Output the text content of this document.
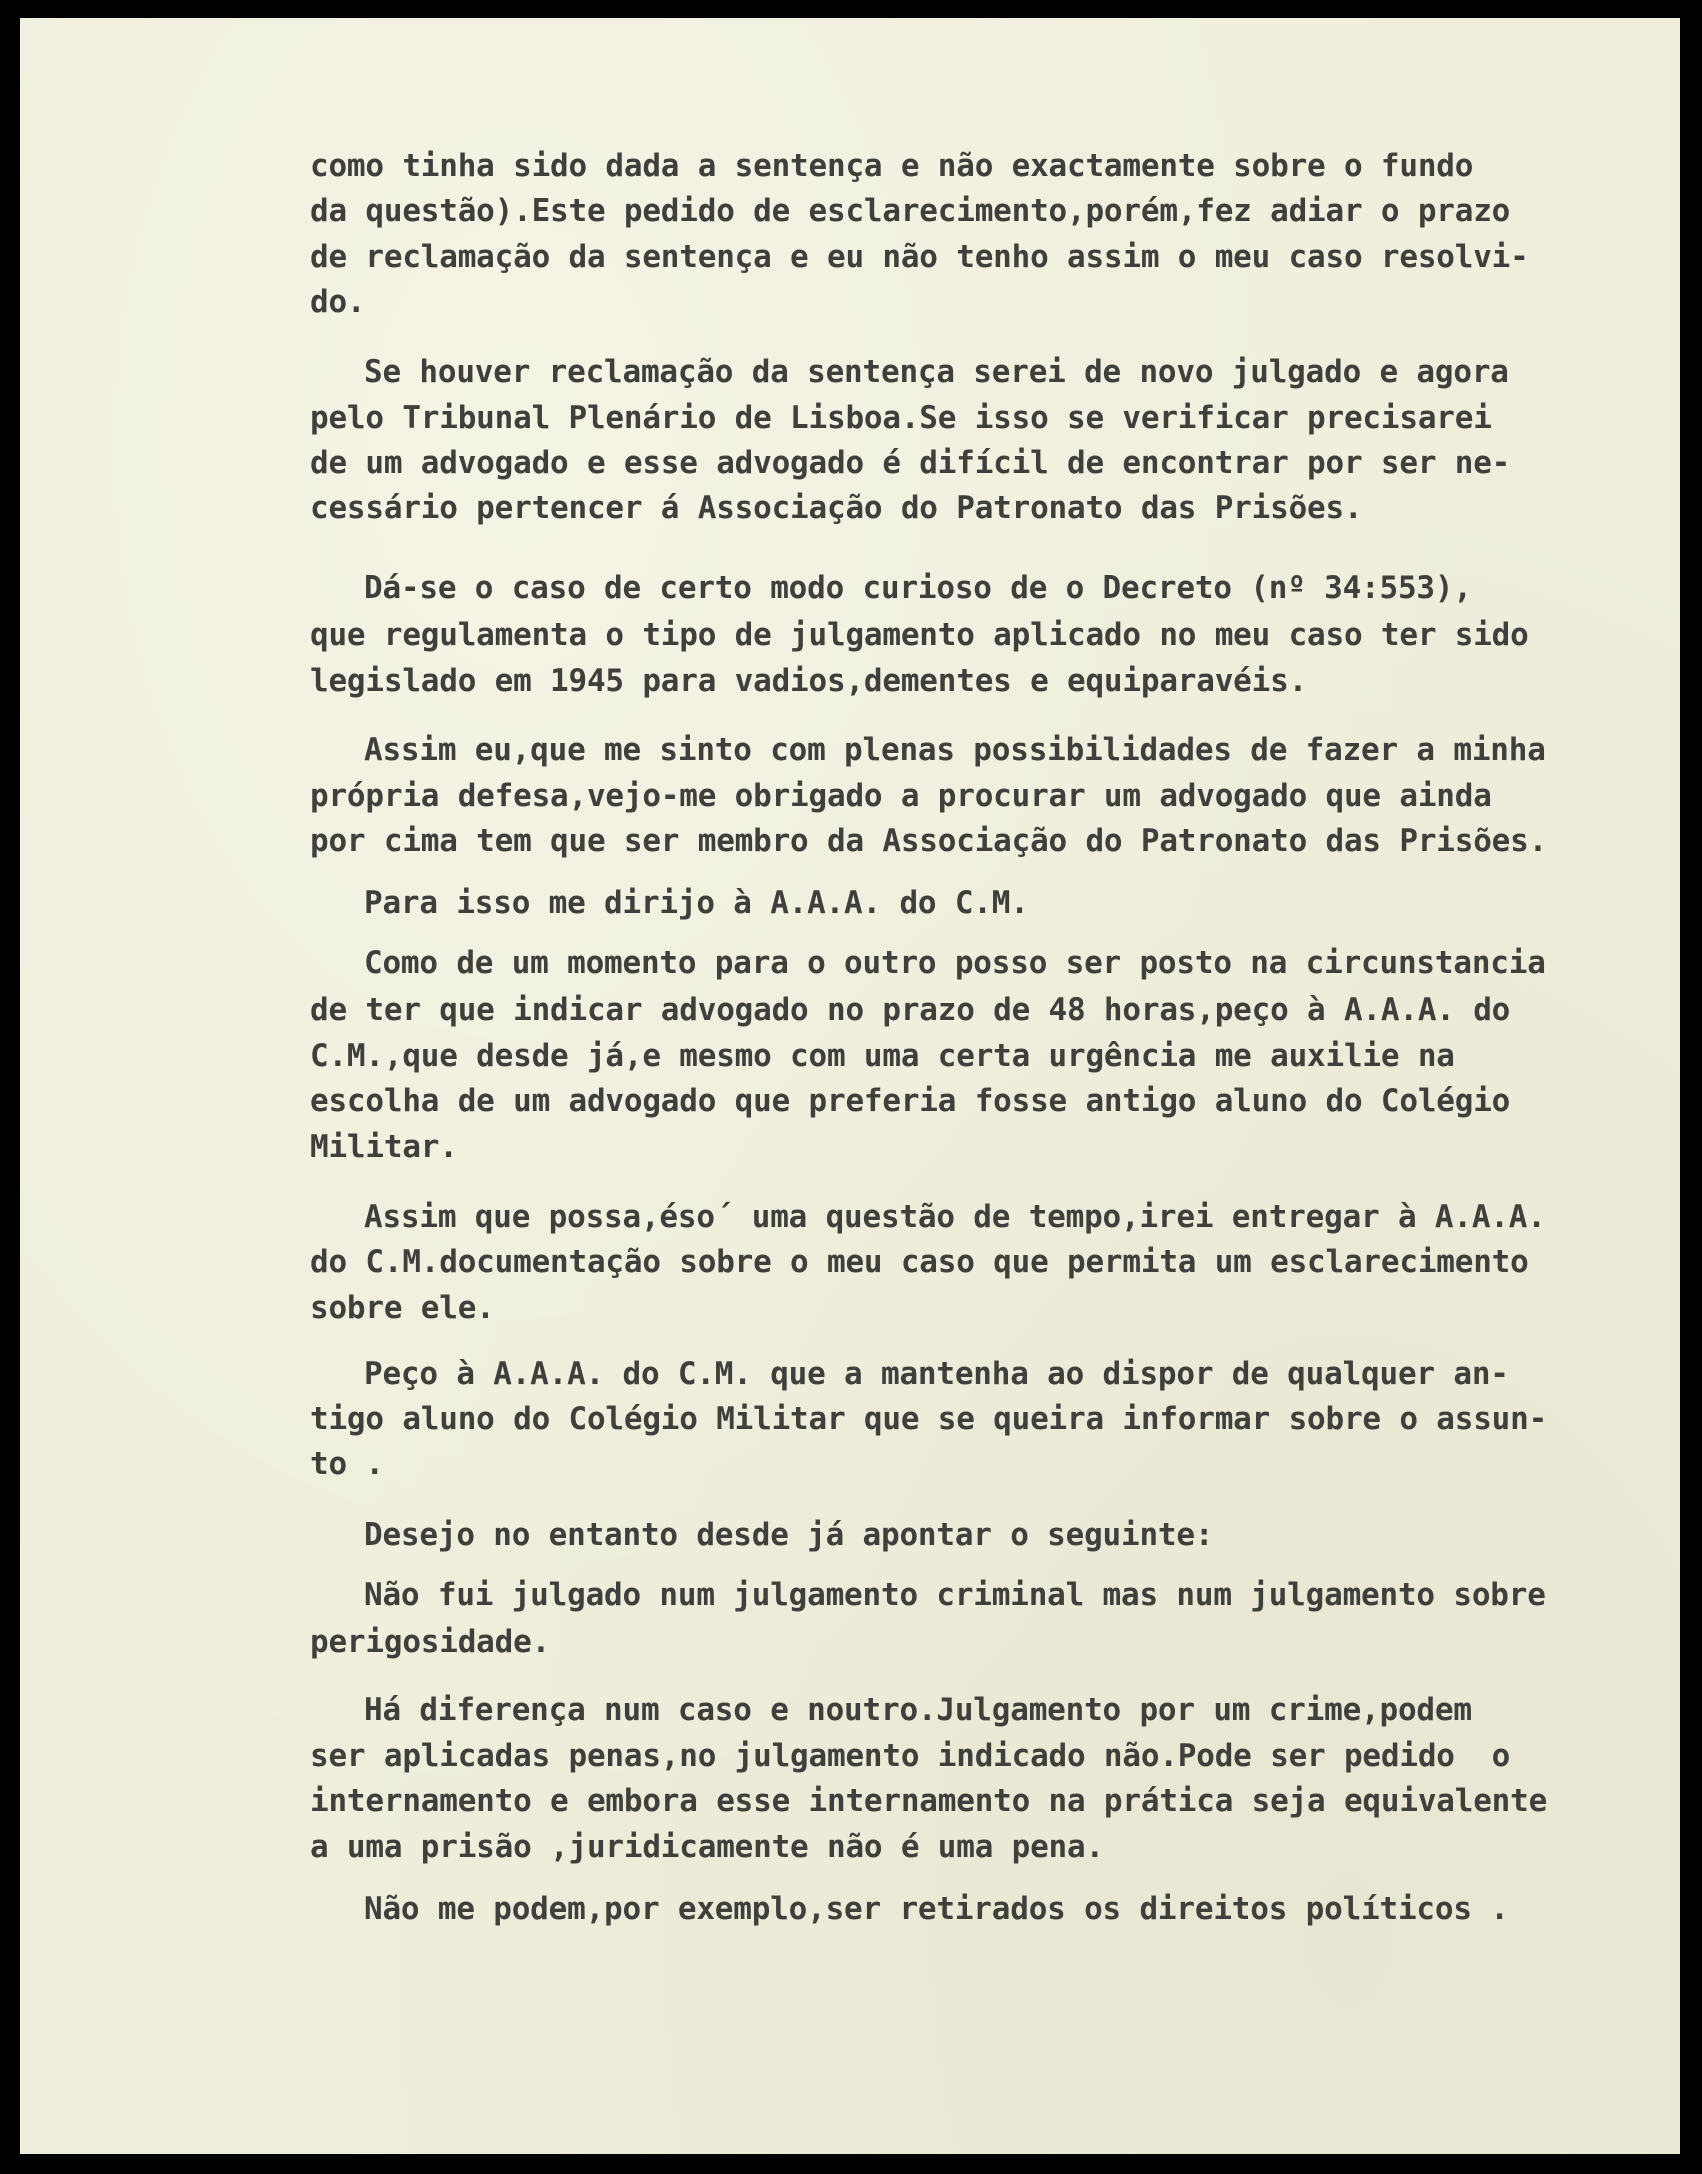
como tinha sido dada a sentença e não exactamente sobre o fundo
da questão).Este pedido de esclarecimento,porém,fez adiar o prazo
de reclamação da sentença e eu não tenho assim o meu caso resolvi-
do.
Se houver reclamação da sentença serei de novo julgado e agora
pelo Tribunal Plenário de Lisboa.Se isso se verificar precisarei
de um advogado e esse advogado é difícil de encontrar por ser ne-
cessário pertencer á Associação do Patronato das Prisões.
Dá-se o caso de certo modo curioso de o Decreto (nº 34:553),
que regulamenta o tipo de julgamento aplicado no meu caso ter sido
legislado em 1945 para vadios,dementes e equiparavéis.
Assim eu,que me sinto com plenas possibilidades de fazer a minha
própria defesa,vejo-me obrigado a procurar um advogado que ainda
por cima tem que ser membro da Associação do Patronato das Prisões.
Para isso me dirijo à A.A.A. do C.M.
Como de um momento para o outro posso ser posto na circunstancia
de ter que indicar advogado no prazo de 48 horas,peço à A.A.A. do
C.M.,que desde já,e mesmo com uma certa urgência me auxilie na
escolha de um advogado que preferia fosse antigo aluno do Colégio
Militar.
Assim que possa,éso´ uma questão de tempo,irei entregar à A.A.A.
do C.M.documentação sobre o meu caso que permita um esclarecimento
sobre ele.
Peço à A.A.A. do C.M. que a mantenha ao dispor de qualquer an-
tigo aluno do Colégio Militar que se queira informar sobre o assun-
to .
Desejo no entanto desde já apontar o seguinte:
Não fui julgado num julgamento criminal mas num julgamento sobre
perigosidade.
Há diferença num caso e noutro.Julgamento por um crime,podem
ser aplicadas penas,no julgamento indicado não.Pode ser pedido  o
internamento e embora esse internamento na prática seja equivalente
a uma prisão ,juridicamente não é uma pena.
Não me podem,por exemplo,ser retirados os direitos políticos .
